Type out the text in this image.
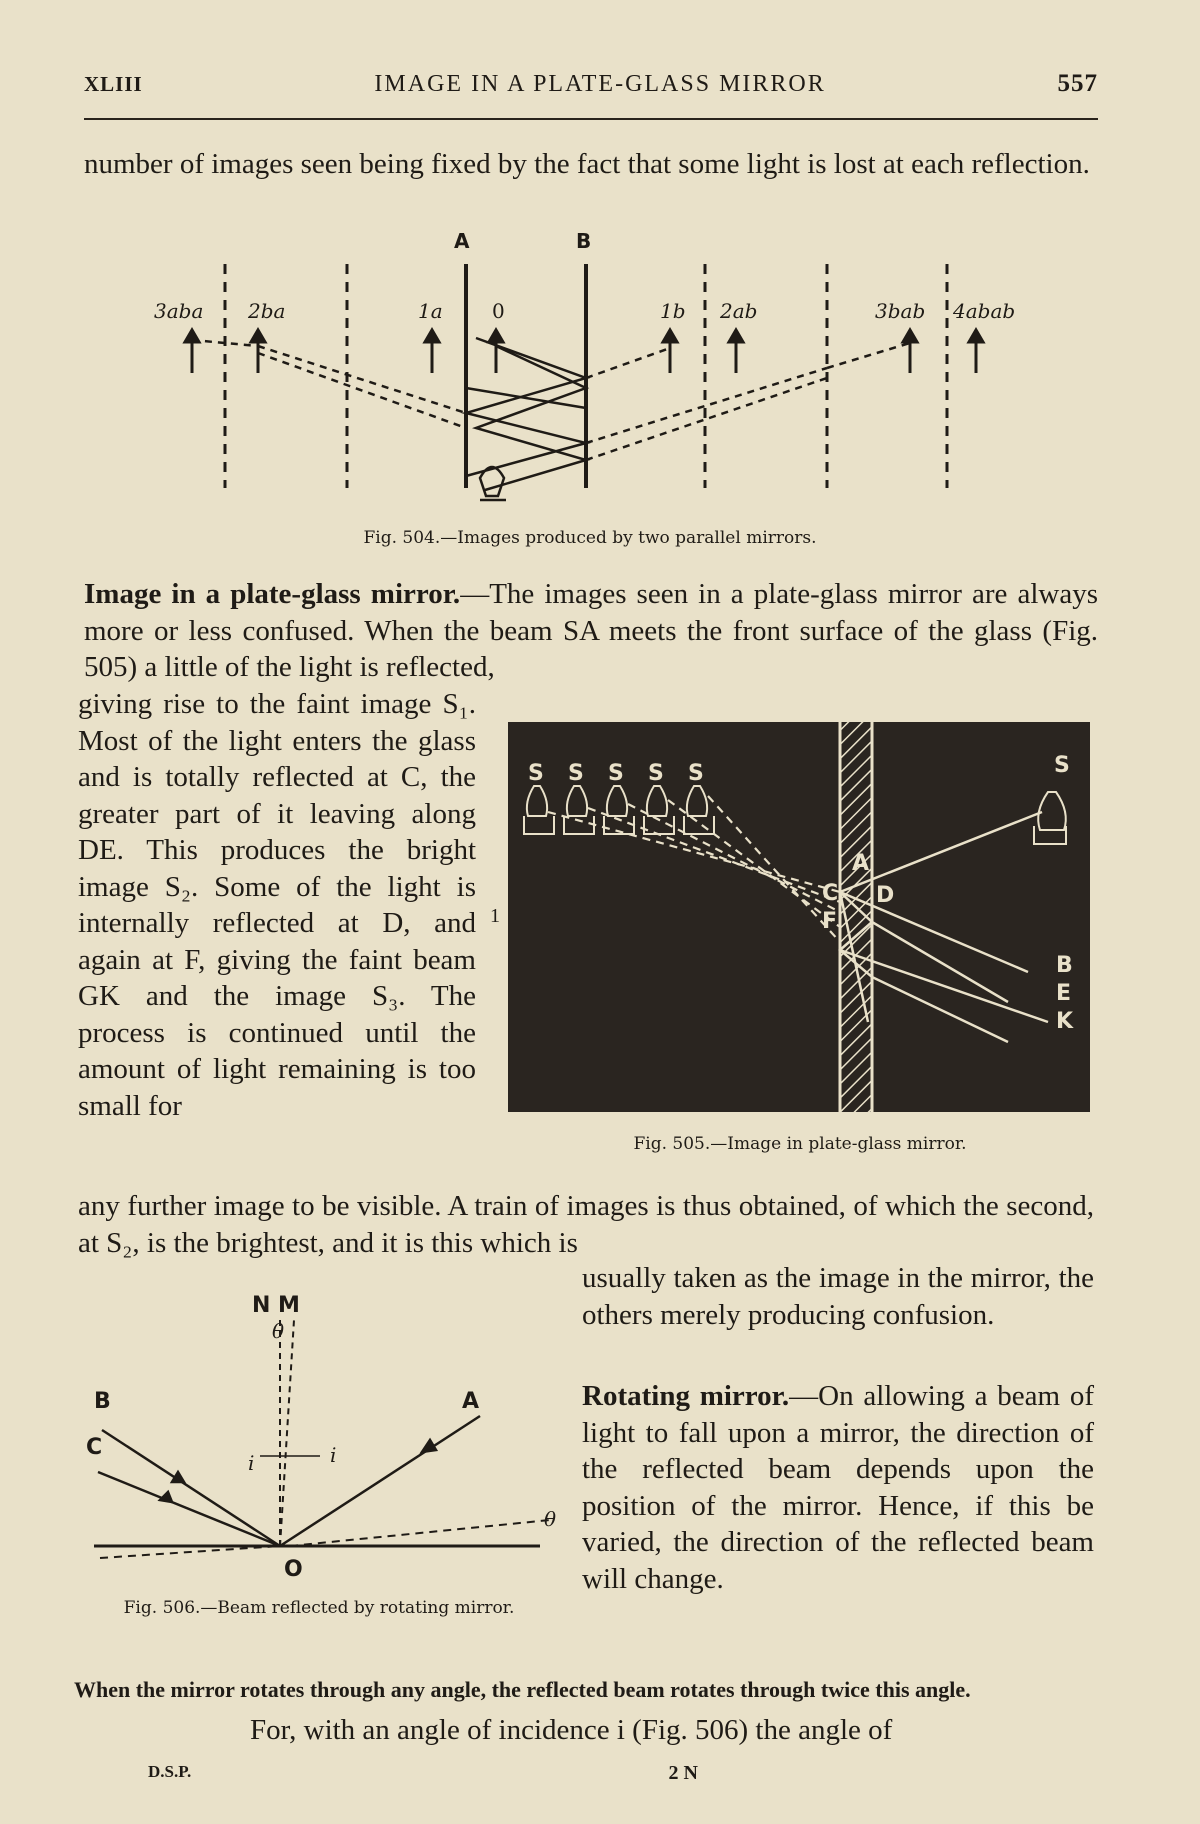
XLIII	IMAGE IN A PLATE-GLASS MIRROR	557

number of images seen being fixed by the fact that some light is lost at each reflection.

A	B
3aba 2ba	1a 0	1b 2ab	3bab 4abab

Fig. 504.—Images produced by two parallel mirrors.

Image in a plate-glass mirror.—The images seen in a plate-glass mirror are always more or less confused. When the beam SA meets the front surface of the glass (Fig. 505) a little of the light is reflected,

giving rise to the faint image S₁. Most of the light enters the glass and is totally reflected at C, the greater part of it leaving along DE. This produces the bright image S₂. Some of the light is internally reflected at D, and again at F, giving the faint beam GK and the image S₃. The process is continued until the amount of light remaining is too small for

1
S
S S S S S
A
C D
F
B
E
K

Fig. 505.—Image in plate-glass mirror.

any further image to be visible. A train of images is thus obtained, of which the second, at S₂, is the brightest, and it is this which is

usually taken as the image in the mirror, the others merely producing confusion.

N M
B	A
C
O
θ
i	i
θ

Fig. 506.—Beam reflected by rotating mirror.

Rotating mirror.—On allowing a beam of light to fall upon a mirror, the direction of the reflected beam depends upon the position of the mirror. Hence, if this be varied, the direction of the reflected beam will change.

When the mirror rotates through any angle, the reflected beam rotates through twice this angle.

For, with an angle of incidence i (Fig. 506) the angle of

D.S.P.	2 N
